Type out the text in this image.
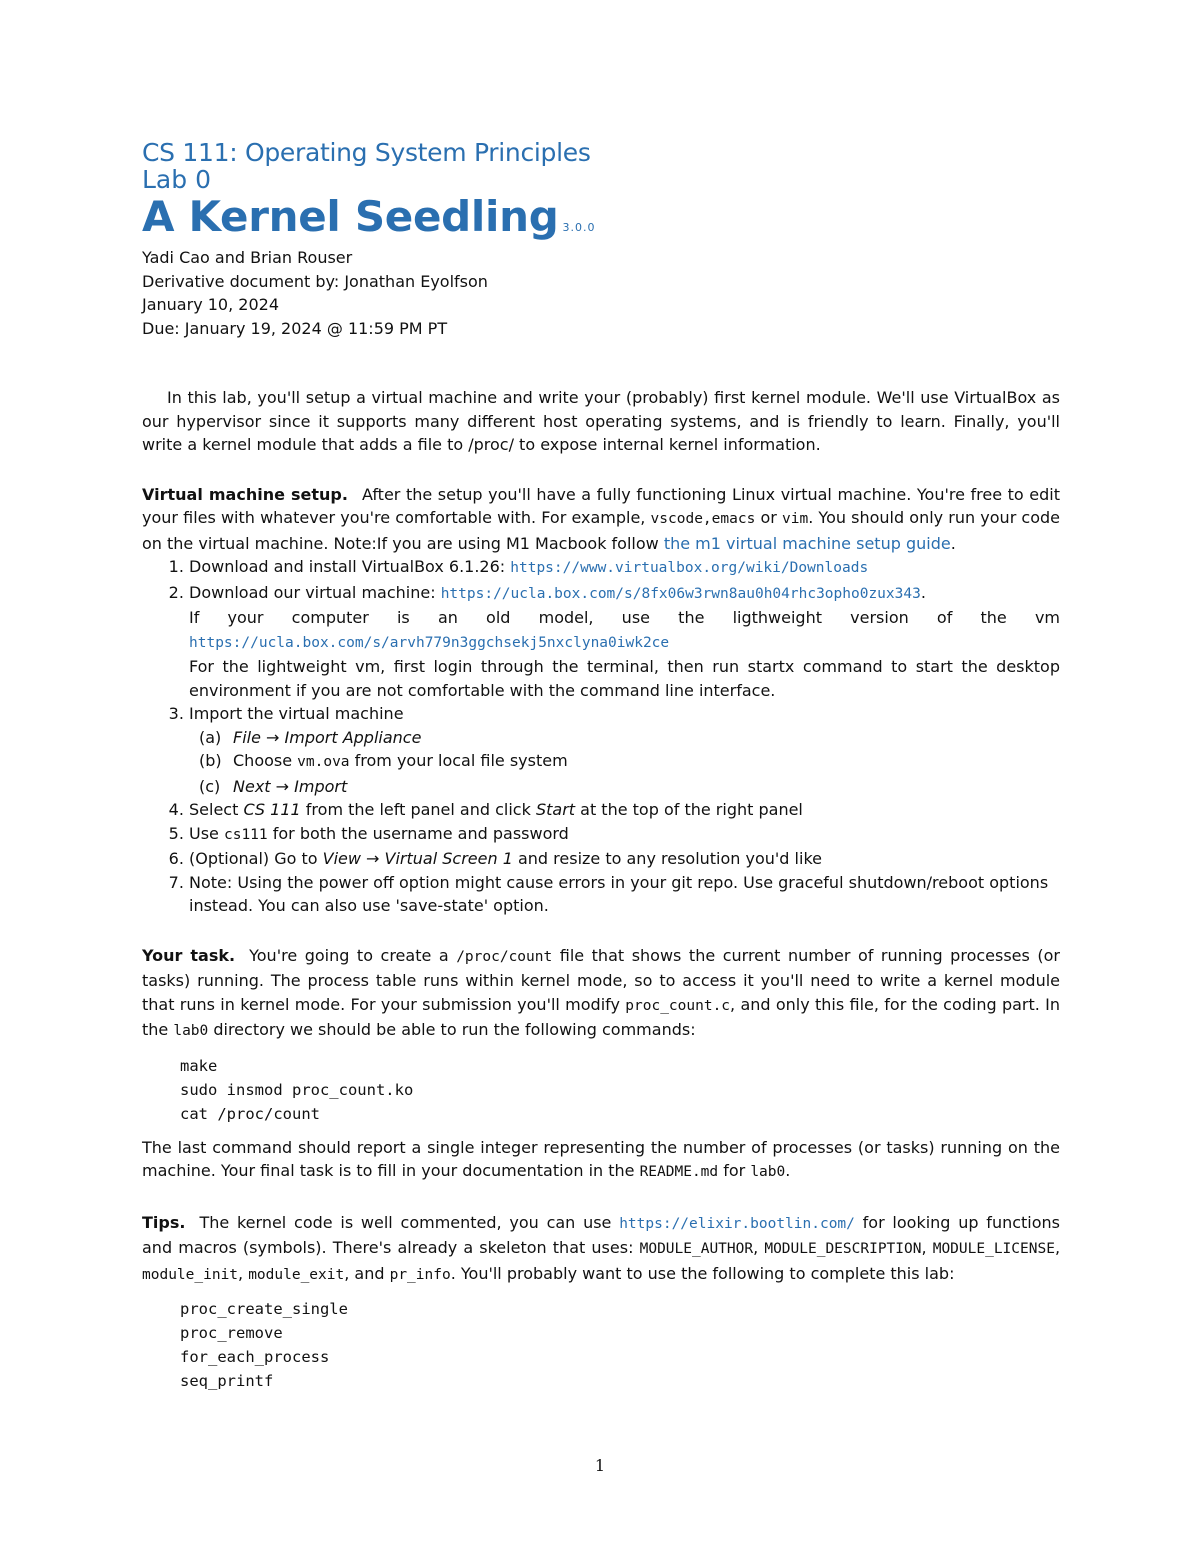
CS 111: Operating System Principles
Lab 0
A Kernel Seedling 3.0.0
Yadi Cao and Brian Rouser
Derivative document by: Jonathan Eyolfson
January 10, 2024
Due: January 19, 2024 @ 11:59 PM PT

In this lab, you'll setup a virtual machine and write your (probably) first kernel module. We'll use VirtualBox as our hypervisor since it supports many different host operating systems, and is friendly to learn. Finally, you'll write a kernel module that adds a file to /proc/ to expose internal kernel information.

Virtual machine setup. After the setup you'll have a fully functioning Linux virtual machine. You're free to edit your files with whatever you're comfortable with. For example, vscode,emacs or vim. You should only run your code on the virtual machine. Note:If you are using M1 Macbook follow the m1 virtual machine setup guide.

1. Download and install VirtualBox 6.1.26: https://www.virtualbox.org/wiki/Downloads
2. Download our virtual machine: https://ucla.box.com/s/8fx06w3rwn8au0h04rhc3opho0zux343.

If your computer is an old model, use the ligthweight version of the vm https://ucla.box.com/s/arvh779n3ggchsekj5nxclyna0iwk2ce

For the lightweight vm, first login through the terminal, then run startx command to start the desktop environment if you are not comfortable with the command line interface.

3. Import the virtual machine
(a) File → Import Appliance
(b) Choose vm.ova from your local file system
(c) Next → Import
4. Select CS 111 from the left panel and click Start at the top of the right panel
5. Use cs111 for both the username and password
6. (Optional) Go to View → Virtual Screen 1 and resize to any resolution you'd like
7. Note: Using the power off option might cause errors in your git repo. Use graceful shutdown/reboot options instead. You can also use 'save-state' option.

Your task. You're going to create a /proc/count file that shows the current number of running processes (or tasks) running. The process table runs within kernel mode, so to access it you'll need to write a kernel module that runs in kernel mode. For your submission you'll modify proc_count.c, and only this file, for the coding part. In the lab0 directory we should be able to run the following commands:

make
sudo insmod proc_count.ko
cat /proc/count

The last command should report a single integer representing the number of processes (or tasks) running on the machine. Your final task is to fill in your documentation in the README.md for lab0.

Tips. The kernel code is well commented, you can use https://elixir.bootlin.com/ for looking up functions and macros (symbols). There's already a skeleton that uses: MODULE_AUTHOR, MODULE_DESCRIPTION, MODULE_LICENSE, module_init, module_exit, and pr_info. You'll probably want to use the following to complete this lab:

proc_create_single
proc_remove
for_each_process
seq_printf
1
